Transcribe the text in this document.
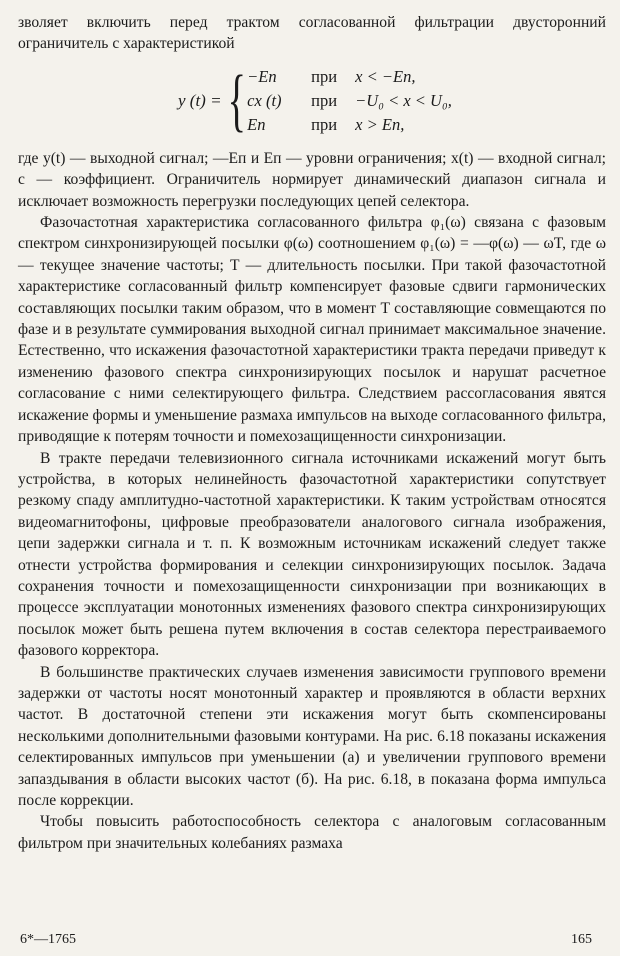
зволяет включить перед трактом согласованной фильтрации двусторонний ограничитель с характеристикой

y (t) = { −Eп	при	x < −Eп,
cx (t)	при	−U₀ < x < U₀,
Eп	при	x > Eп,

где y(t) — выходной сигнал; —Eп и Eп — уровни ограничения; x(t) — входной сигнал; c — коэффициент. Ограничитель нормирует динамический диапазон сигнала и исключает возможность перегрузки последующих цепей селектора.

Фазочастотная характеристика согласованного фильтра φ₁(ω) связана с фазовым спектром синхронизирующей посылки φ(ω) соотношением φ₁(ω) = —φ(ω) — ωT, где ω — текущее значение частоты; T — длительность посылки. При такой фазочастотной характеристике согласованный фильтр компенсирует фазовые сдвиги гармонических составляющих посылки таким образом, что в момент T составляющие совмещаются по фазе и в результате суммирования выходной сигнал принимает максимальное значение. Естественно, что искажения фазочастотной характеристики тракта передачи приведут к изменению фазового спектра синхронизирующих посылок и нарушат расчетное согласование с ними селектирующего фильтра. Следствием рассогласования явятся искажение формы и уменьшение размаха импульсов на выходе согласованного фильтра, приводящие к потерям точности и помехозащищенности синхронизации.

В тракте передачи телевизионного сигнала источниками искажений могут быть устройства, в которых нелинейность фазочастотной характеристики сопутствует резкому спаду амплитудно-частотной характеристики. К таким устройствам относятся видеомагнитофоны, цифровые преобразователи аналогового сигнала изображения, цепи задержки сигнала и т. п. К возможным источникам искажений следует также отнести устройства формирования и селекции синхронизирующих посылок. Задача сохранения точности и помехозащищенности синхронизации при возникающих в процессе эксплуатации монотонных изменениях фазового спектра синхронизирующих посылок может быть решена путем включения в состав селектора перестраиваемого фазового корректора.

В большинстве практических случаев изменения зависимости группового времени задержки от частоты носят монотонный характер и проявляются в области верхних частот. В достаточной степени эти искажения могут быть скомпенсированы несколькими дополнительными фазовыми контурами. На рис. 6.18 показаны искажения селектированных импульсов при уменьшении (а) и увеличении группового времени запаздывания в области высоких частот (б). На рис. 6.18, в показана форма импульса после коррекции.

Чтобы повысить работоспособность селектора с аналоговым согласованным фильтром при значительных колебаниях размаха

6*—1765	165
